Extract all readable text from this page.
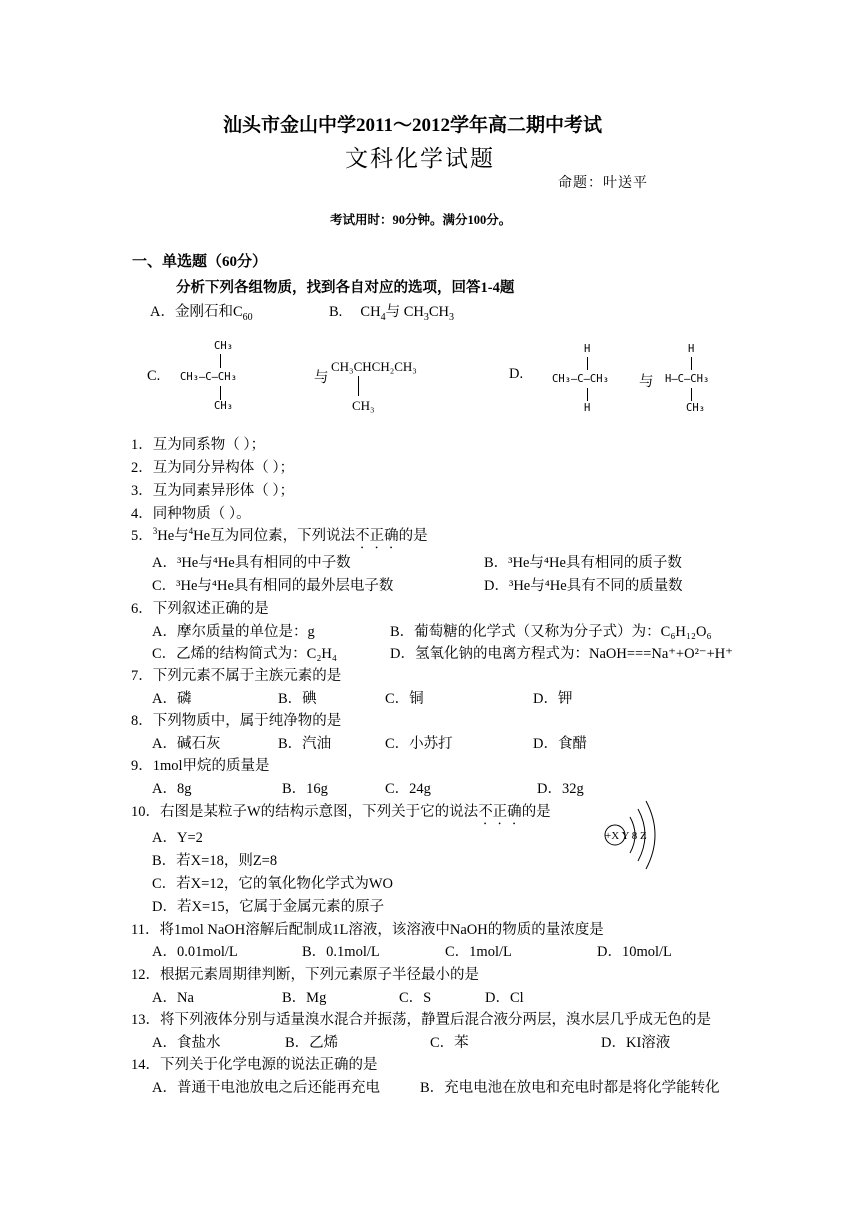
汕头市金山中学2011～2012学年高二期中考试
文科化学试题
命题：叶送平
考试用时：90分钟。满分100分。
一、单选题（60分）
分析下列各组物质，找到各自对应的选项，回答1-4题
A．金刚石和$C_{60}$	B. $CH_4$与 $CH_3CH_3$
C.
CH₃
CH₃—C—CH₃
CH₃
与
CH₃CHCH₂CH₃
CH₃
D.
H
CH₃—C—CH₃
H
与
H
H—C—CH₃
CH₃
1．互为同系物（ ）；
2．互为同分异构体（ ）；
3．互为同素异形体（ ）；
4．同种物质（ ）。
5．$^3$He与$^4$He互为同位素，下列说法不正确的是
A．³He与⁴He具有相同的中子数	B．³He与⁴He具有相同的质子数
C．³He与⁴He具有相同的最外层电子数	D．³He与⁴He具有不同的质量数
6．下列叙述正确的是
A．摩尔质量的单位是：g	B．葡萄糖的化学式（又称为分子式）为：C₆H₁₂O₆
C．乙烯的结构简式为：C₂H₄	D．氢氧化钠的电离方程式为：NaOH===Na⁺+O²⁻+H⁺
7．下列元素不属于主族元素的是
A．磷	B．碘	C．铜	D．钾
8．下列物质中，属于纯净物的是
A．碱石灰	B．汽油	C．小苏打	D．食醋
9．1mol甲烷的质量是
A．8g	B．16g	C．24g	D．32g
10．右图是某粒子W的结构示意图，下列关于它的说法不正确的是
A．Y=2
B．若X=18，则Z=8
C．若X=12，它的氧化物化学式为WO
D．若X=15，它属于金属元素的原子
+X Y 8 Z
11．将1mol NaOH溶解后配制成1L溶液，该溶液中NaOH的物质的量浓度是
A．0.01mol/L	B．0.1mol/L	C．1mol/L	D．10mol/L
12．根据元素周期律判断，下列元素原子半径最小的是
A．Na	B．Mg	C．S	D．Cl
13．将下列液体分别与适量溴水混合并振荡，静置后混合液分两层，溴水层几乎成无色的是
A．食盐水	B．乙烯	C．苯	D．KI溶液
14．下列关于化学电源的说法正确的是
A．普通干电池放电之后还能再充电	B．充电电池在放电和充电时都是将化学能转化
